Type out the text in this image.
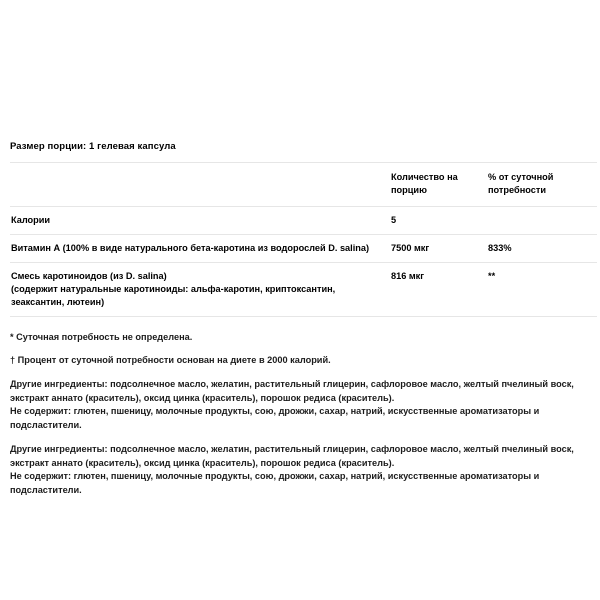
Размер порции: 1 гелевая капсула
	Количество на порцию	% от суточной потребности
Калории	5	
Витамин А (100% в виде натурального бета-каротина из водорослей D. salina)	7500 мкг	833%
Смесь каротиноидов (из D. salina)
(содержит натуральные каротиноиды: альфа-каротин, криптоксантин, зеаксантин, лютеин)	816 мкг	**
* Суточная потребность не определена.
† Процент от суточной потребности основан на диете в 2000 калорий.

Другие ингредиенты: подсолнечное масло, желатин, растительный глицерин, сафлоровое масло, желтый пчелиный воск, экстракт аннато (краситель), оксид цинка (краситель), порошок редиса (краситель).

Не содержит: глютен, пшеницу, молочные продукты, сою, дрожжи, сахар, натрий, искусственные ароматизаторы и подсластители.

Другие ингредиенты: подсолнечное масло, желатин, растительный глицерин, сафлоровое масло, желтый пчелиный воск, экстракт аннато (краситель), оксид цинка (краситель), порошок редиса (краситель).

Не содержит: глютен, пшеницу, молочные продукты, сою, дрожжи, сахар, натрий, искусственные ароматизаторы и подсластители.
